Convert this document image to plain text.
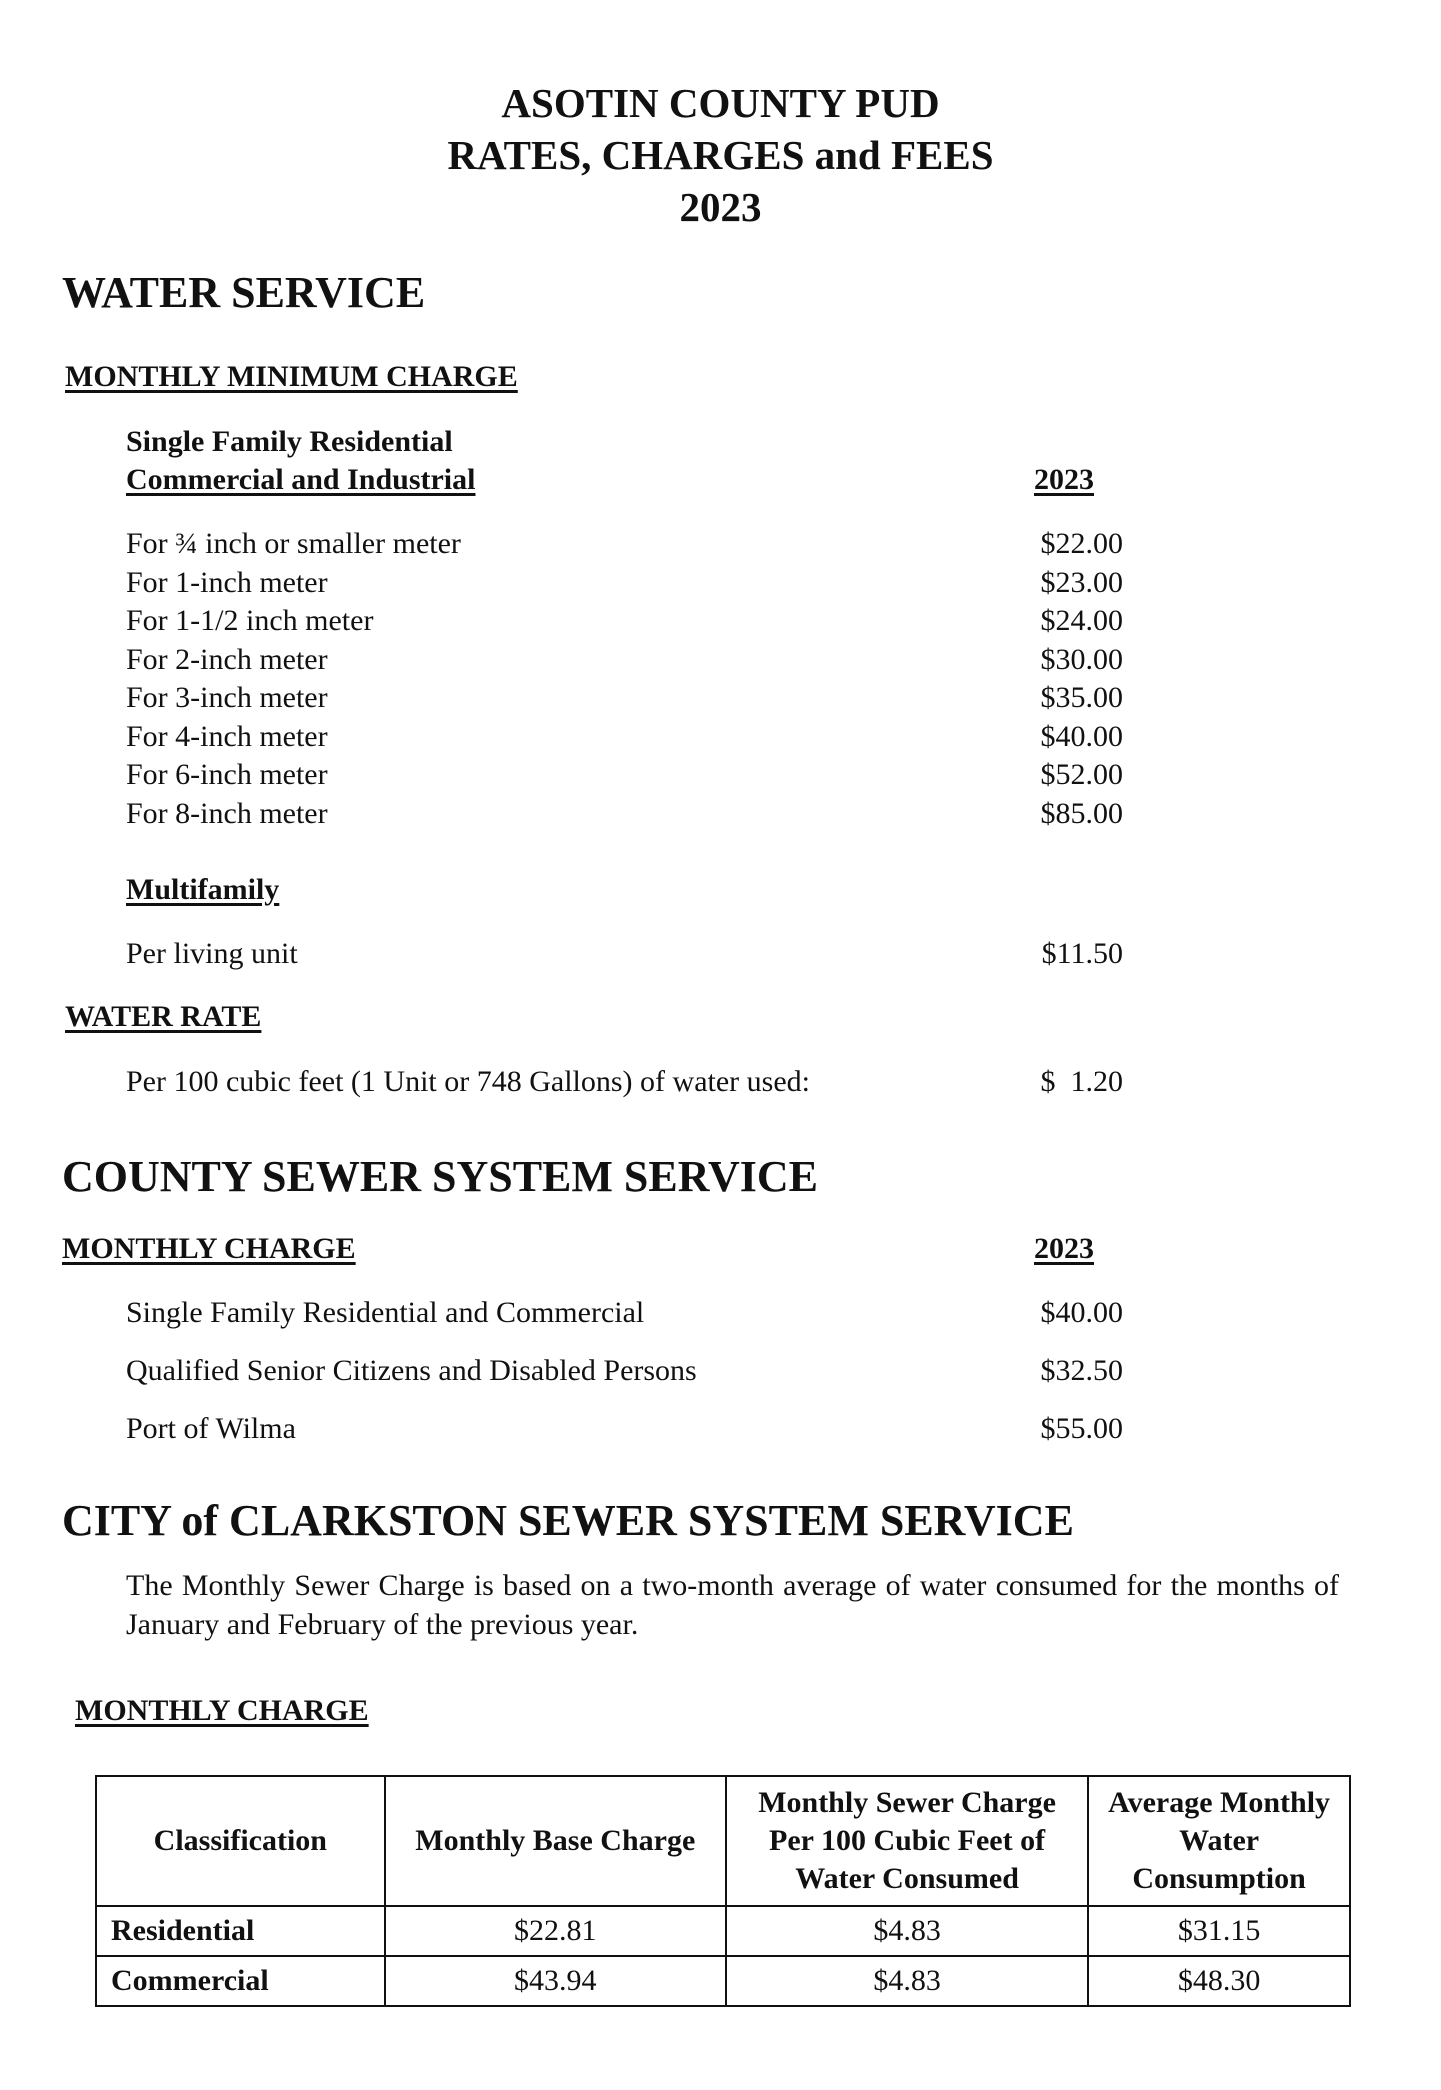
ASOTIN COUNTY PUD
RATES, CHARGES and FEES
2023
WATER SERVICE
MONTHLY MINIMUM CHARGE
Single Family Residential
Commercial and Industrial	2023
For ¾ inch or smaller meter	$22.00
For 1-inch meter	$23.00
For 1-1/2 inch meter	$24.00
For 2-inch meter	$30.00
For 3-inch meter	$35.00
For 4-inch meter	$40.00
For 6-inch meter	$52.00
For 8-inch meter	$85.00
Multifamily
Per living unit	$11.50
WATER RATE
Per 100 cubic feet (1 Unit or 748 Gallons) of water used:	$  1.20
COUNTY SEWER SYSTEM SERVICE
MONTHLY CHARGE	2023
Single Family Residential and Commercial	$40.00
Qualified Senior Citizens and Disabled Persons	$32.50
Port of Wilma	$55.00
CITY of CLARKSTON SEWER SYSTEM SERVICE
The Monthly Sewer Charge is based on a two-month average of water consumed for the months of January and February of the previous year.
MONTHLY CHARGE
Classification	Monthly Base Charge	Monthly Sewer Charge Per 100 Cubic Feet of Water Consumed	Average Monthly Water Consumption
Residential	$22.81	$4.83	$31.15
Commercial	$43.94	$4.83	$48.30
